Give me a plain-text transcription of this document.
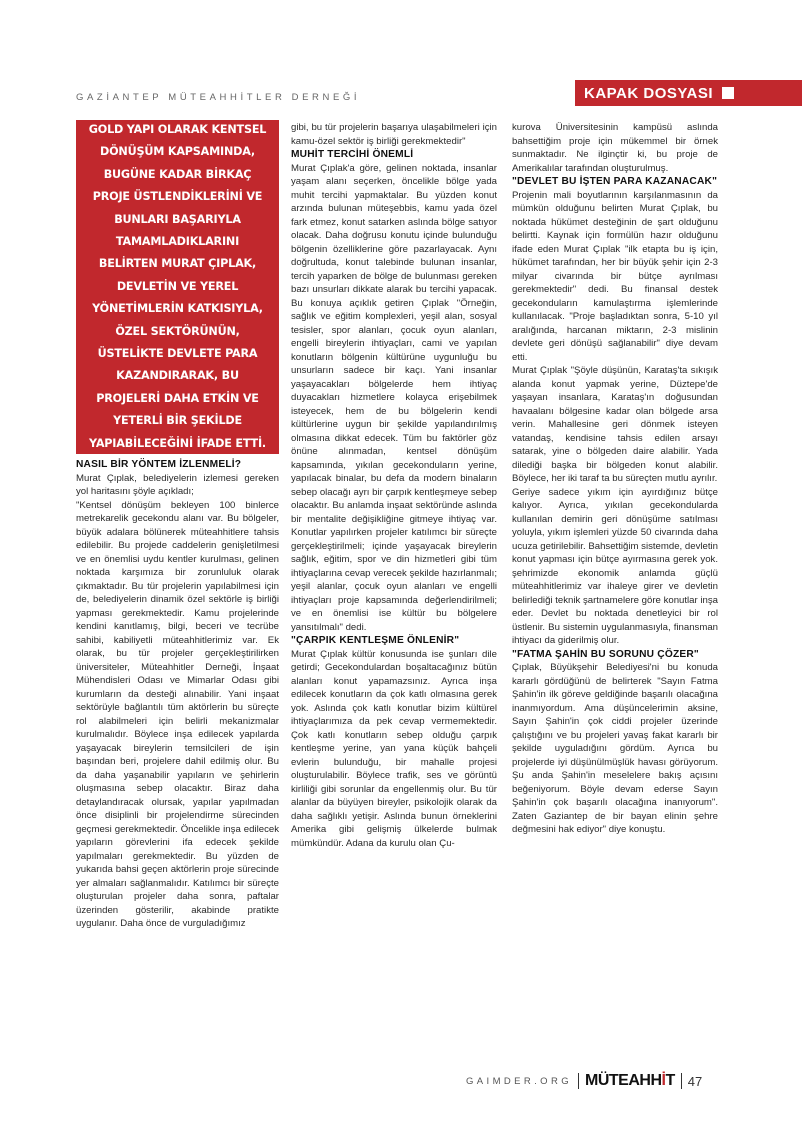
GAZİANTEP MÜTEAHHİTLER DERNEĞİ	KAPAK DOSYASI
GOLD YAPI OLARAK KENTSEL DÖNÜŞÜM KAPSAMINDA, BUGÜNE KADAR BİRKAÇ PROJE ÜSTLENDİKLERİNİ VE BUNLARI BAŞARIYLA TAMAMLADIKLARINI BELİRTEN MURAT ÇIPLAK, DEVLETİN VE YEREL YÖNETİMLERİN KATKISIYLA, ÖZEL SEKTÖRÜNÜN, ÜSTELİKTE DEVLETE PARA KAZANDIRARAK, BU PROJELERİ DAHA ETKİN VE YETERLİ BİR ŞEKİLDE YAPIABİLECEĞİNİ İFADE ETTİ.
NASIL BİR YÖNTEM İZLENMELİ?

Murat Çıplak, belediyelerin izlemesi gereken yol haritasını şöyle açıkladı;

"Kentsel dönüşüm bekleyen 100 binlerce metrekarelik gecekondu alanı var. Bu bölgeler, büyük adalara bölünerek müteahhitlere tahsis edilebilir. Bu projede caddelerin genişletilmesi ve en önemlisi uydu kentler kurulması, gelinen noktada karşımıza bir zorunluluk olarak çıkmaktadır. Bu tür projelerin yapılabilmesi için de, belediyelerin dinamik özel sektörle iş birliği yapması gerekmektedir. Kamu projelerinde kendini kanıtlamış, bilgi, beceri ve tecrübe sahibi, kabiliyetli müteahhitlerimiz var. Ek olarak, bu tür projeler gerçekleştirilirken üniversiteler, Müteahhitler Derneği, İnşaat Mühendisleri Odası ve Mimarlar Odası gibi kurumların da desteği alınabilir. Yani inşaat sektörüyle bağlantılı tüm aktörlerin bu süreçte rol alabilmeleri için belirli mekanizmalar kurulmalıdır. Böylece inşa edilecek yapılarda yaşayacak bireylerin temsilcileri de işin başından beri, projelere dahil edilmiş olur. Bu da daha yaşanabilir yapıların ve şehirlerin oluşmasına sebep olacaktır. Biraz daha detaylandıracak olursak, yapılar yapılmadan önce disiplinli bir projelendirme sürecinden geçmesi gerekmektedir. Öncelikle inşa edilecek yapıların görevlerini ifa edecek şekilde yapılmaları gerekmektedir. Bu yüzden de yukarıda bahsi geçen aktörlerin proje sürecinde yer almaları sağlanmalıdır. Katılımcı bir süreçte oluşturulan projeler daha sonra, paftalar üzerinden gösterilir, akabinde pratikte uygulanır. Daha önce de vurguladığımız

gibi, bu tür projelerin başarıya ulaşabilmeleri için kamu-özel sektör iş birliği gerekmektedir"

MUHİT TERCİHİ ÖNEMLİ

Murat Çıplak'a göre, gelinen noktada, insanlar yaşam alanı seçerken, öncelikle bölge yada muhit tercihi yapmaktalar. Bu yüzden konut arzında bulunan müteşebbis, kamu yada özel fark etmez, konut satarken aslında bölge satıyor olacak. Daha doğrusu konutu içinde bulunduğu bölgenin özelliklerine göre pazarlayacak. Aynı doğrultuda, konut talebinde bulunan insanlar, tercih yaparken de bölge de bulunması gereken bazı unsurları dikkate alarak bu tercihi yapacak. Bu konuya açıklık getiren Çıplak "Örneğin, sağlık ve eğitim komplexleri, yeşil alan, sosyal tesisler, spor alanları, çocuk oyun alanları, engelli bireylerin ihtiyaçları, cami ve yapılan konutların bölgenin kültürüne uygunluğu bu unsurların sadece bir kaçı. Yani insanlar yaşayacakları bölgelerde hem ihtiyaç duyacakları hizmetlere kolayca erişebilmek isteyecek, hem de bu bölgelerin kendi kültürlerine uygun bir şekilde yapılandırılmış olmasına dikkat edecek. Tüm bu faktörler göz önüne alınmadan, kentsel dönüşüm kapsamında, yıkılan gecekonduların yerine, yapılacak binalar, bu defa da modern binaların sebep olacağı ayrı bir çarpık kentleşmeye sebep olacaktır. Bu anlamda inşaat sektöründe aslında bir mentalite değişikliğine gitmeye ihtiyaç var. Konutlar yapılırken projeler katılımcı bir süreçte gerçekleştirilmeli; içinde yaşayacak bireylerin sağlık, eğitim, spor ve din hizmetleri gibi tüm ihtiyaçlarına cevap verecek şekilde hazırlanmalı; yeşil alanlar, çocuk oyun alanları ve engelli ihtiyaçları proje kapsamında değerlendirilmeli; ve en önemlisi ise kültür bu bölgelere yansıtılmalı" dedi.

"ÇARPIK KENTLEŞME ÖNLENİR"

Murat Çıplak kültür konusunda ise şunları dile getirdi; Gecekondulardan boşaltacağınız bütün alanları konut yapamazsınız. Ayrıca inşa edilecek konutların da çok katlı olmasına gerek yok. Aslında çok katlı konutlar bizim kültürel ihtiyaçlarımıza da pek cevap vermemektedir. Çok katlı konutların sebep olduğu çarpık kentleşme yerine, yan yana küçük bahçeli evlerin bulunduğu, bir mahalle projesi oluşturulabilir. Böylece trafik, ses ve görüntü kirliliği gibi sorunlar da engellenmiş olur. Bu tür alanlar da büyüyen bireyler, psikolojik olarak da daha sağlıklı yetişir. Aslında bunun örneklerini Amerika gibi gelişmiş ülkelerde bulmak mümkündür. Adana da kurulu olan Çu-

kurova Üniversitesinin kampüsü aslında bahsettiğim proje için mükemmel bir örnek sunmaktadır. Ne ilginçtir ki, bu proje de Amerikalılar tarafından oluşturulmuş.

"DEVLET BU İŞTEN PARA KAZANACAK"

Projenin mali boyutlarının karşılanmasının da mümkün olduğunu belirten Murat Çıplak, bu noktada hükümet desteğinin de şart olduğunu belirtti. Kaynak için formülün hazır olduğunu ifade eden Murat Çıplak "ilk etapta bu iş için, hükümet tarafından, her bir büyük şehir için 2-3 milyar civarında bir bütçe ayrılması gerekmektedir" dedi. Bu finansal destek gecekonduların kamulaştırma işlemlerinde kullanılacak. "Proje başladıktan sonra, 5-10 yıl aralığında, harcanan miktarın, 2-3 mislinin devlete geri dönüşü sağlanabilir" diye devam etti.

Murat Çıplak "Şöyle düşünün, Karataş'ta sıkışık alanda konut yapmak yerine, Düztepe'de yaşayan insanlara, Karataş'ın doğusundan havaalanı bölgesine kadar olan bölgede arsa verin. Mahallesine geri dönmek isteyen vatandaş, kendisine tahsis edilen arsayı satarak, yine o bölgeden daire alabilir. Yada dilediği başka bir bölgeden konut alabilir. Böylece, her iki taraf ta bu süreçten mutlu ayrılır.

Geriye sadece yıkım için ayırdığınız bütçe kalıyor. Ayrıca, yıkılan gecekondularda kullanılan demirin geri dönüşüme satılması yoluyla, yıkım işlemleri yüzde 50 civarında daha ucuza getirilebilir. Bahsettiğim sistemde, devletin konut yapması için bütçe ayırmasına gerek yok. şehrimizde ekonomik anlamda güçlü müteahhitlerimiz var ihaleye girer ve devletin belirlediği teknik şartnamelere göre konutlar inşa eder. Devlet bu noktada denetleyici bir rol üstlenir. Bu sistemin uygulanmasıyla, finansman ihtiyacı da giderilmiş olur.

"FATMA ŞAHİN BU SORUNU ÇÖZER"

Çıplak, Büyükşehir Belediyesi'ni bu konuda kararlı gördüğünü de belirterek "Sayın Fatma Şahin'in ilk göreve geldiğinde başarılı olacağına inanmıyordum. Ama düşüncelerimin aksine, Sayın Şahin'in çok ciddi projeler üzerinde çalıştığını ve bu projeleri yavaş fakat kararlı bir şekilde uyguladığını gördüm. Ayrıca bu projelerde iyi düşünülmüşlük havası görüyorum. Şu anda Şahin'in meselelere bakış açısını beğeniyorum. Böyle devam ederse Sayın Şahin'in çok başarılı olacağına inanıyorum". Zaten Gaziantep de bir bayan elinin şehre değmesini hak ediyor" diye konuştu.

GAIMDER.ORG MÜTEAHHİT 47
